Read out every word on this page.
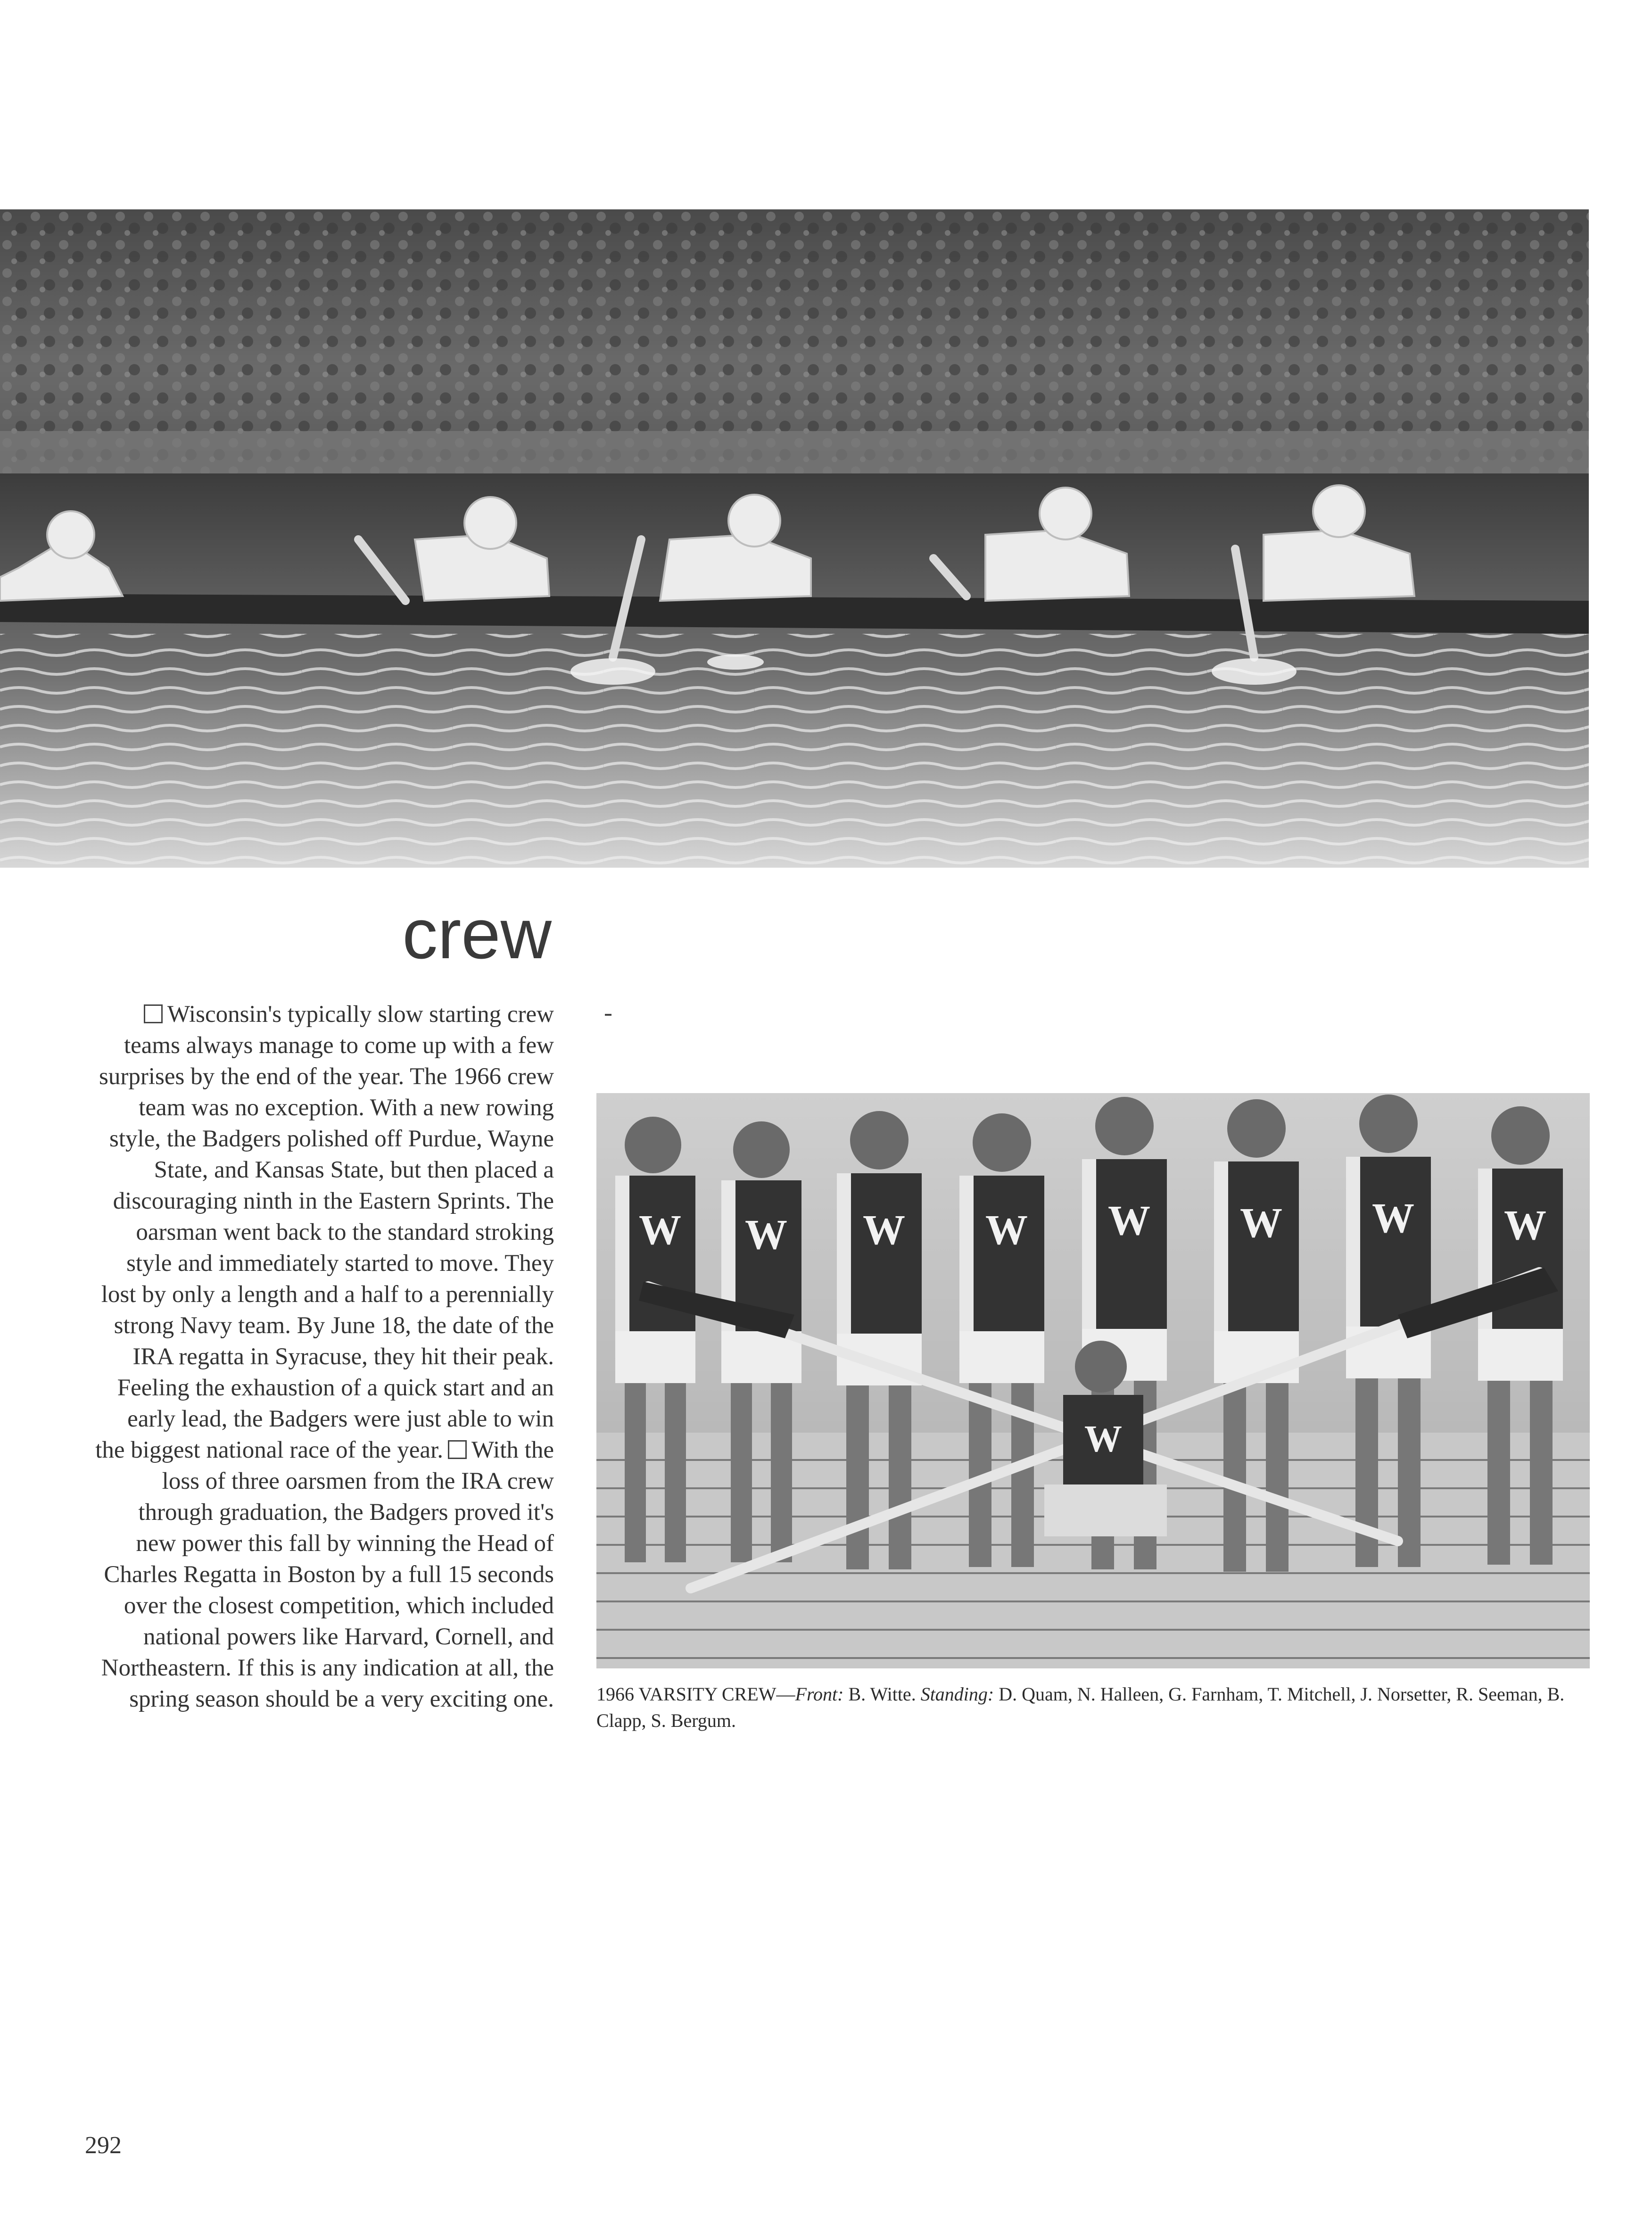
crew

Wisconsin's typically slow starting crew teams always manage to come up with a few surprises by the end of the year. The 1966 crew team was no exception. With a new rowing style, the Badgers polished off Purdue, Wayne State, and Kansas State, but then placed a discouraging ninth in the Eastern Sprints. The oarsman went back to the standard stroking style and immediately started to move. They lost by only a length and a half to a perennially strong Navy team. By June 18, the date of the IRA regatta in Syracuse, they hit their peak. Feeling the exhaustion of a quick start and an early lead, the Badgers were just able to win the biggest national race of the year. With the loss of three oarsmen from the IRA crew through graduation, the Badgers proved it's new power this fall by winning the Head of Charles Regatta in Boston by a full 15 seconds over the closest competition, which included national powers like Harvard, Cornell, and Northeastern. If this is any indication at all, the spring season should be a very exciting one.

W W W W W W W W
W

1966 VARSITY CREW—Front: B. Witte. Standing: D. Quam, N. Halleen, G. Farnham, T. Mitchell, J. Norsetter, R. Seeman, B. Clapp, S. Bergum.

292
